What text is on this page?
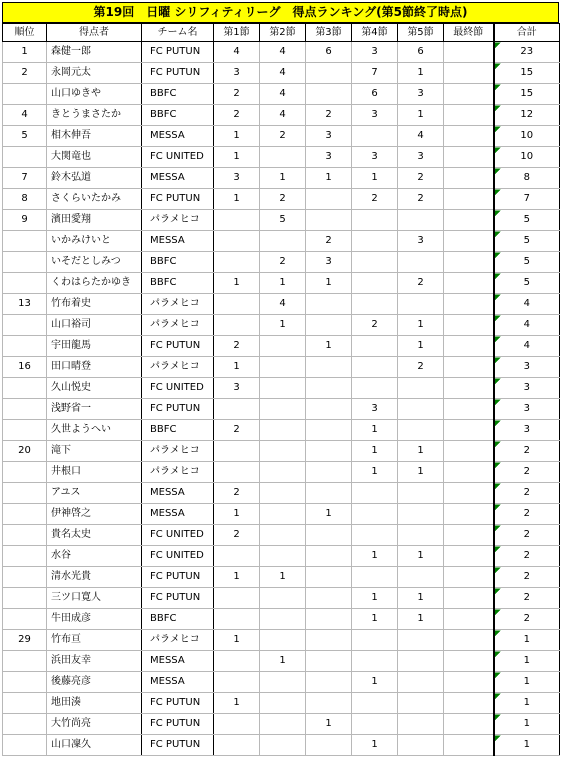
第19回　日曜 シリフィティリーグ　得点ランキング(第5節終了時点)
順位	得点者	チーム名	第1節	第2節	第3節	第4節	第5節	最終節	合計
1	森健一郎	FC PUTUN	4	4	6	3	6		23
2	永岡元太	FC PUTUN	3	4		7	1		15
	山口ゆきや	BBFC	2	4		6	3		15
4	きとうまさたか	BBFC	2	4	2	3	1		12
5	相木伸吾	MESSA	1	2	3		4		10
	大関竜也	FC UNITED	1		3	3	3		10
7	鈴木弘道	MESSA	3	1	1	1	2		8
8	さくらいたかみ	FC PUTUN	1	2		2	2		7
9	濱田愛翔	パラメヒコ		5					5
	いかみけいと	MESSA			2		3		5
	いそだとしみつ	BBFC		2	3				5
	くわはらたかゆき	BBFC	1	1	1		2		5
13	竹布着史	パラメヒコ		4					4
	山口裕司	パラメヒコ		1		2	1		4
	宇田龍馬	FC PUTUN	2		1		1		4
16	田口晴登	パラメヒコ	1				2		3
	久山悦史	FC UNITED	3						3
	浅野省一	FC PUTUN				3			3
	久世ようへい	BBFC	2			1			3
20	滝下	パラメヒコ				1	1		2
	井根口	パラメヒコ				1	1		2
	アユス	MESSA	2						2
	伊神啓之	MESSA	1		1				2
	貴名太史	FC UNITED	2						2
	水谷	FC UNITED				1	1		2
	清水光貴	FC PUTUN	1	1					2
	三ツ口寛人	FC PUTUN				1	1		2
	牛田成彦	BBFC				1	1		2
29	竹布亘	パラメヒコ	1						1
	浜田友幸	MESSA		1					1
	後藤亮彦	MESSA				1			1
	地田湊	FC PUTUN	1						1
	大竹尚亮	FC PUTUN			1				1
	山口凜久	FC PUTUN				1			1
